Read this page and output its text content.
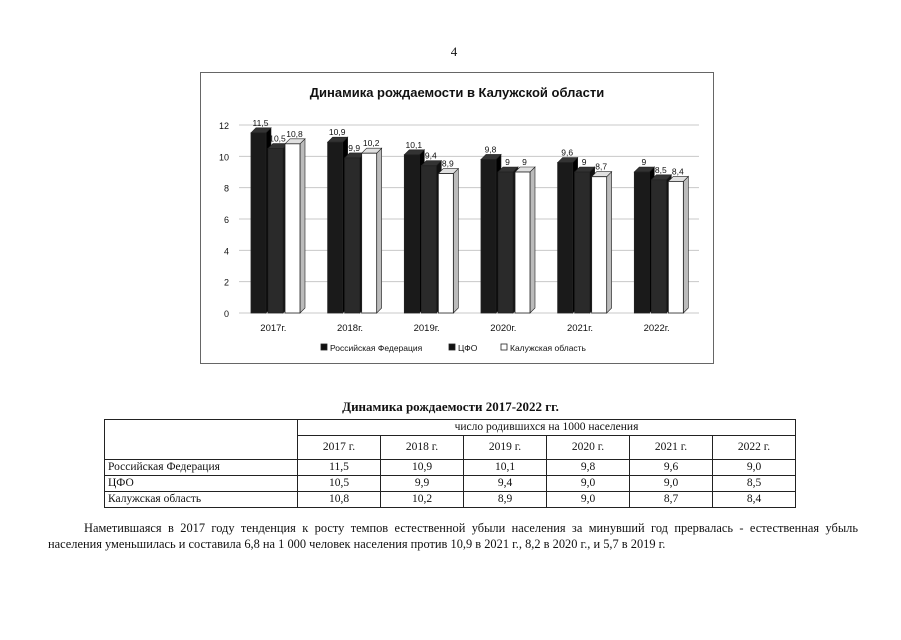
4
Динамика рождаемости в Калужской области
0
2
4
6
8
10
12	11,5
10,5 10,8
2017г.
10,9
9,9 10,2
2018г.
10,1
9,4
8,9
2019г.
9,8
9 9
2020г.
9,6
9 8,7
2021г.
9
8,5 8,4
2022г.
Российская Федерация	ЦФО	Калужская область
Динамика рождаемости 2017-2022 гг.
	число родившихся на 1000 населения					
	2017 г.	2018 г.	2019 г.	2020 г.	2021 г.	2022 г.
Российская Федерация	11,5	10,9	10,1	9,8	9,6	9,0
ЦФО	10,5	9,9	9,4	9,0	9,0	8,5
Калужская область	10,8	10,2	8,9	9,0	8,7	8,4
Наметившаяся в 2017 году тенденция к росту темпов естественной убыли населения за минувший год прервалась - естественная убыль населения уменьшилась и составила 6,8 на 1 000 человек населения против 10,9 в 2021 г., 8,2 в 2020 г., и 5,7 в 2019 г.
